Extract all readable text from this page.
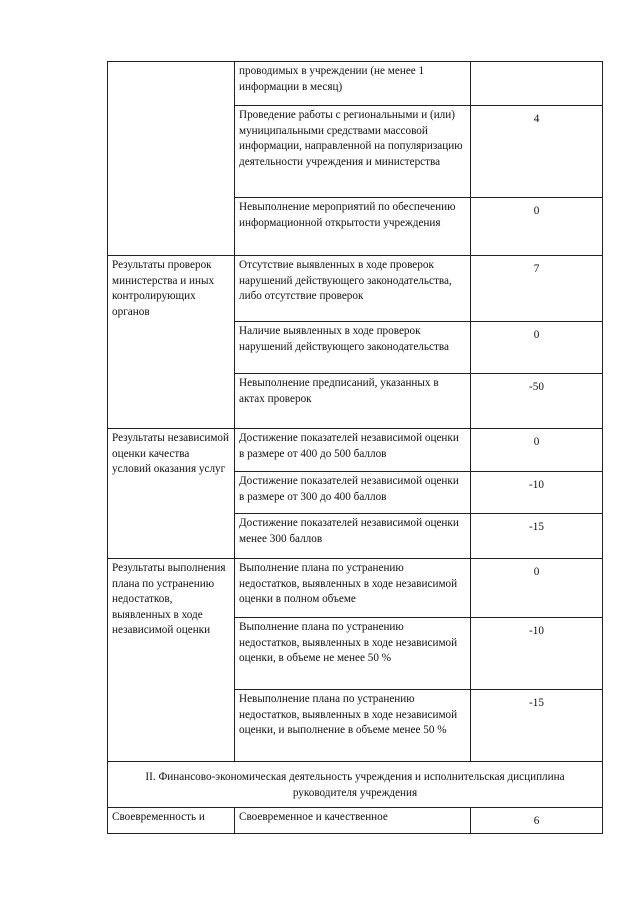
	проводимых в учреждении (не менее 1 информации в месяц)	
	Проведение работы с региональными и (или) муниципальными средствами массовой информации, направленной на популяризацию деятельности учреждения и министерства	4
	Невыполнение мероприятий по обеспечению информационной открытости учреждения	0
Результаты проверок министерства и иных контролирующих органов	Отсутствие выявленных в ходе проверок нарушений действующего законодательства, либо отсутствие проверок	7
	Наличие выявленных в ходе проверок нарушений действующего законодательства	0
	Невыполнение предписаний, указанных в актах проверок	-50
Результаты независимой оценки качества условий оказания услуг	Достижение показателей независимой оценки в размере от 400 до 500 баллов	0
	Достижение показателей независимой оценки в размере от 300 до 400 баллов	-10
	Достижение показателей независимой оценки менее 300 баллов	-15
Результаты выполнения плана по устранению недостатков, выявленных в ходе независимой оценки	Выполнение плана по устранению недостатков, выявленных в ходе независимой оценки в полном объеме	0
	Выполнение плана по устранению недостатков, выявленных в ходе независимой оценки, в объеме не менее 50 %	-10
	Невыполнение плана по устранению недостатков, выявленных в ходе независимой оценки, и выполнение в объеме менее 50 %	-15
II. Финансово-экономическая деятельность учреждения и исполнительская дисциплина руководителя учреждения		
Своевременность и	Своевременное и качественное	6
